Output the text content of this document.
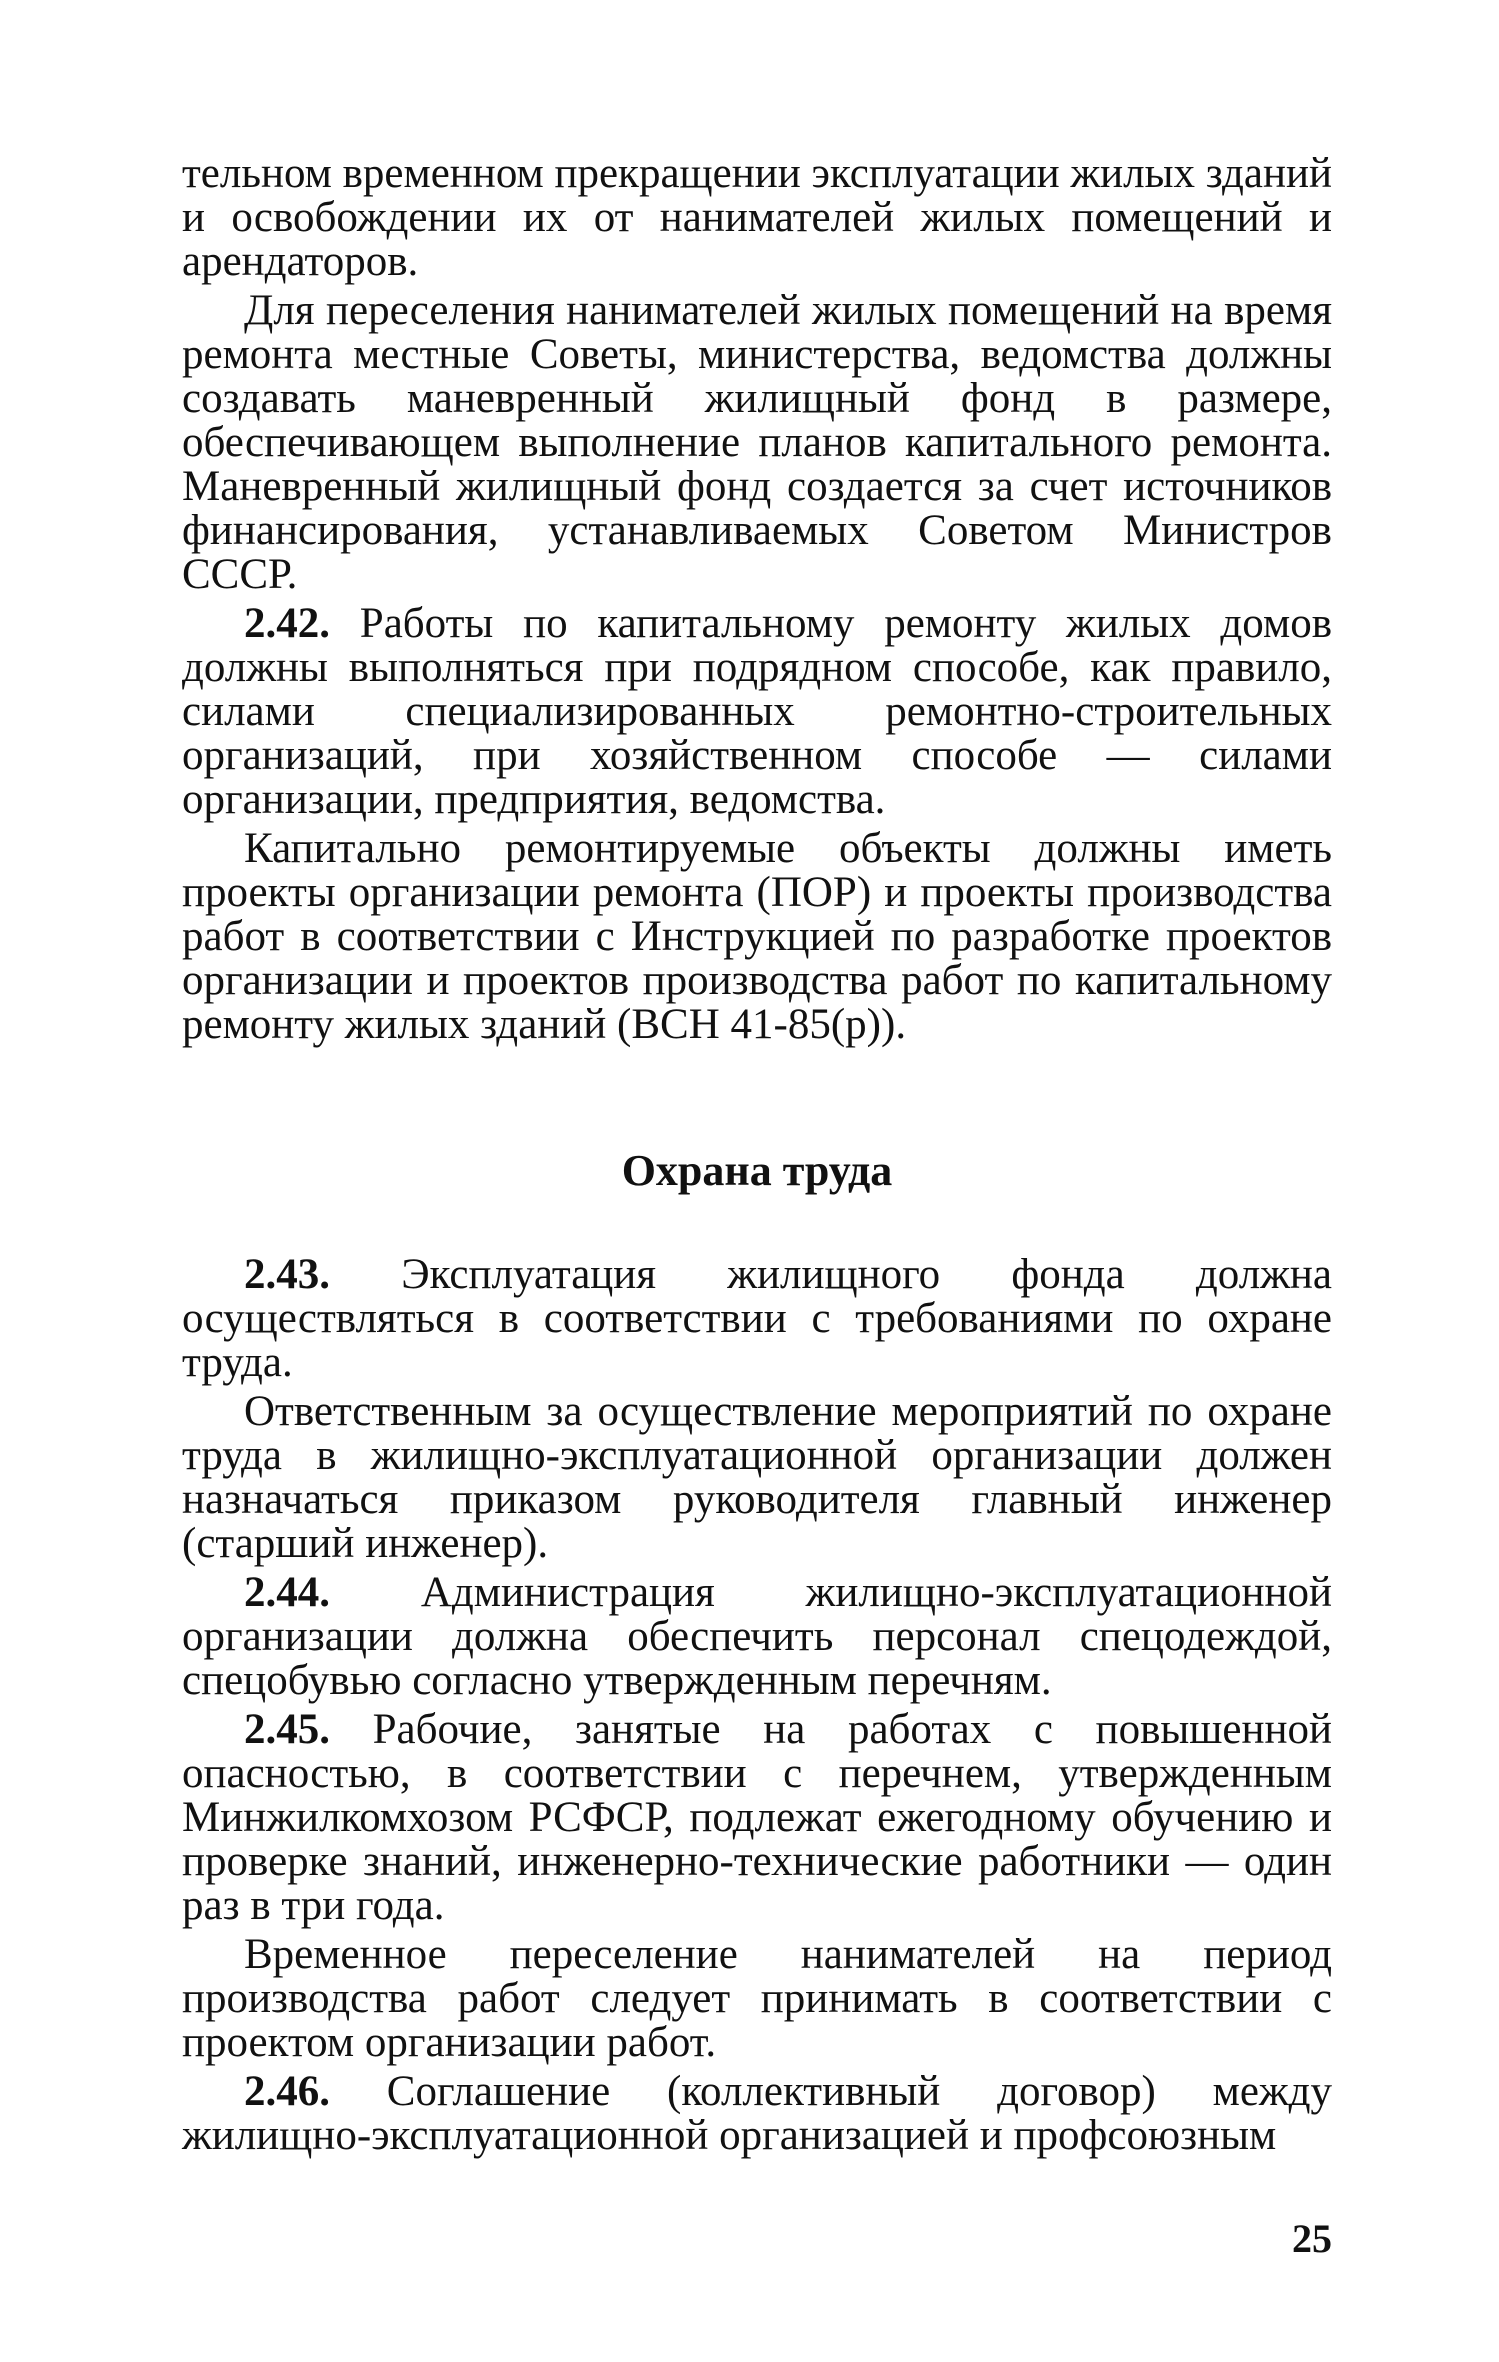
тельном временном прекращении эксплуатации жилых зданий и освобождении их от нанимателей жилых помещений и арендаторов.

Для переселения нанимателей жилых помещений на время ремонта местные Советы, министерства, ведомства должны создавать маневренный жилищный фонд в размере, обеспечивающем выполнение планов капитального ремонта. Маневренный жилищный фонд создается за счет источников финансирования, устанавливаемых Советом Министров СССР.

2.42. Работы по капитальному ремонту жилых домов должны выполняться при подрядном способе, как правило, силами специализированных ремонтно-строительных организаций, при хозяйственном способе — силами организации, предприятия, ведомства.

Капитально ремонтируемые объекты должны иметь проекты организации ремонта (ПОР) и проекты производства работ в соответствии с Инструкцией по разработке проектов организации и проектов производства работ по капитальному ремонту жилых зданий (ВСН 41-85(р)).

Охрана труда

2.43. Эксплуатация жилищного фонда должна осуществляться в соответствии с требованиями по охране труда.

Ответственным за осуществление мероприятий по охране труда в жилищно-эксплуатационной организации должен назначаться приказом руководителя главный инженер (старший инженер).

2.44. Администрация жилищно-эксплуатационной организации должна обеспечить персонал спецодеждой, спецобувью согласно утвержденным перечням.

2.45. Рабочие, занятые на работах с повышенной опасностью, в соответствии с перечнем, утвержденным Минжилкомхозом РСФСР, подлежат ежегодному обучению и проверке знаний, инженерно-технические работники — один раз в три года.

Временное переселение нанимателей на период производства работ следует принимать в соответствии с проектом организации работ.

2.46. Соглашение (коллективный договор) между жилищно-эксплуатационной организацией и профсоюзным

25
